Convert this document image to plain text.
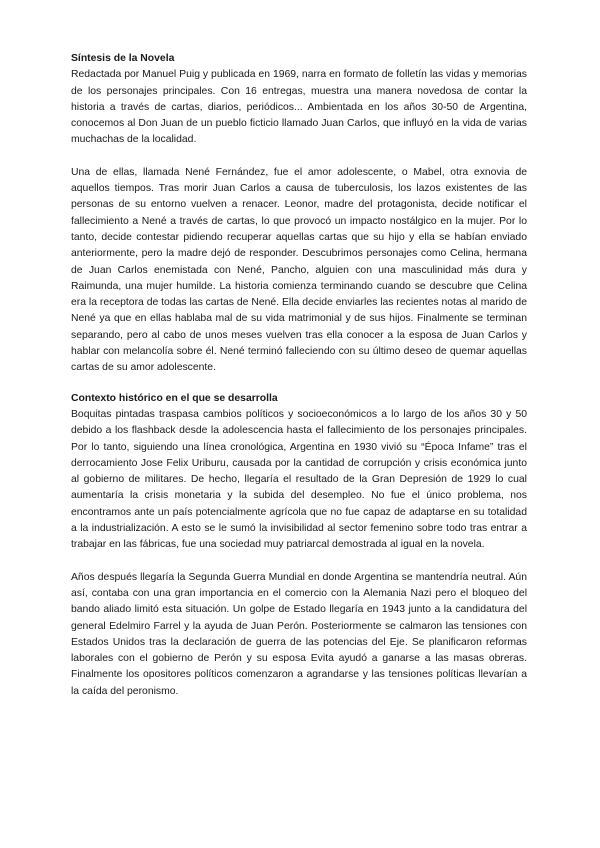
Síntesis de la Novela

Redactada por Manuel Puig y publicada en 1969, narra en formato de folletín las vidas y memorias de los personajes principales. Con 16 entregas, muestra una manera novedosa de contar la historia a través de cartas, diarios, periódicos... Ambientada en los años 30-50 de Argentina, conocemos al Don Juan de un pueblo ficticio llamado Juan Carlos, que influyó en la vida de varias muchachas de la localidad.

Una de ellas, llamada Nené Fernández, fue el amor adolescente, o Mabel, otra exnovia de aquellos tiempos. Tras morir Juan Carlos a causa de tuberculosis, los lazos existentes de las personas de su entorno vuelven a renacer. Leonor, madre del protagonista, decide notificar el fallecimiento a Nené a través de cartas, lo que provocó un impacto nostálgico en la mujer. Por lo tanto, decide contestar pidiendo recuperar aquellas cartas que su hijo y ella se habían enviado anteriormente, pero la madre dejó de responder. Descubrimos personajes como Celina, hermana de Juan Carlos enemistada con Nené, Pancho, alguien con una masculinidad más dura y Raimunda, una mujer humilde. La historia comienza terminando cuando se descubre que Celina era la receptora de todas las cartas de Nené. Ella decide enviarles las recientes notas al marido de Nené ya que en ellas hablaba mal de su vida matrimonial y de sus hijos. Finalmente se terminan separando, pero al cabo de unos meses vuelven tras ella conocer a la esposa de Juan Carlos y hablar con melancolía sobre él. Nené terminó falleciendo con su último deseo de quemar aquellas cartas de su amor adolescente.

Contexto histórico en el que se desarrolla

Boquitas pintadas traspasa cambios políticos y socioeconómicos a lo largo de los años 30 y 50 debido a los flashback desde la adolescencia hasta el fallecimiento de los personajes principales. Por lo tanto, siguiendo una línea cronológica, Argentina en 1930 vivió su “Época Infame” tras el derrocamiento Jose Felix Uriburu, causada por la cantidad de corrupción y crisis económica junto al gobierno de militares. De hecho, llegaría el resultado de la Gran Depresión de 1929 lo cual aumentaría la crisis monetaria y la subida del desempleo. No fue el único problema, nos encontramos ante un país potencialmente agrícola que no fue capaz de adaptarse en su totalidad a la industrialización. A esto se le sumó la invisibilidad al sector femenino sobre todo tras entrar a trabajar en las fábricas, fue una sociedad muy patriarcal demostrada al igual en la novela.

Años después llegaría la Segunda Guerra Mundial en donde Argentina se mantendría neutral. Aún así, contaba con una gran importancia en el comercio con la Alemania Nazi pero el bloqueo del bando aliado limitó esta situación. Un golpe de Estado llegaría en 1943 junto a la candidatura del general Edelmiro Farrel y la ayuda de Juan Perón. Posteriormente se calmaron las tensiones con Estados Unidos tras la declaración de guerra de las potencias del Eje. Se planificaron reformas laborales con el gobierno de Perón y su esposa Evita ayudó a ganarse a las masas obreras. Finalmente los opositores políticos comenzaron a agrandarse y las tensiones políticas llevarían a la caída del peronismo.
